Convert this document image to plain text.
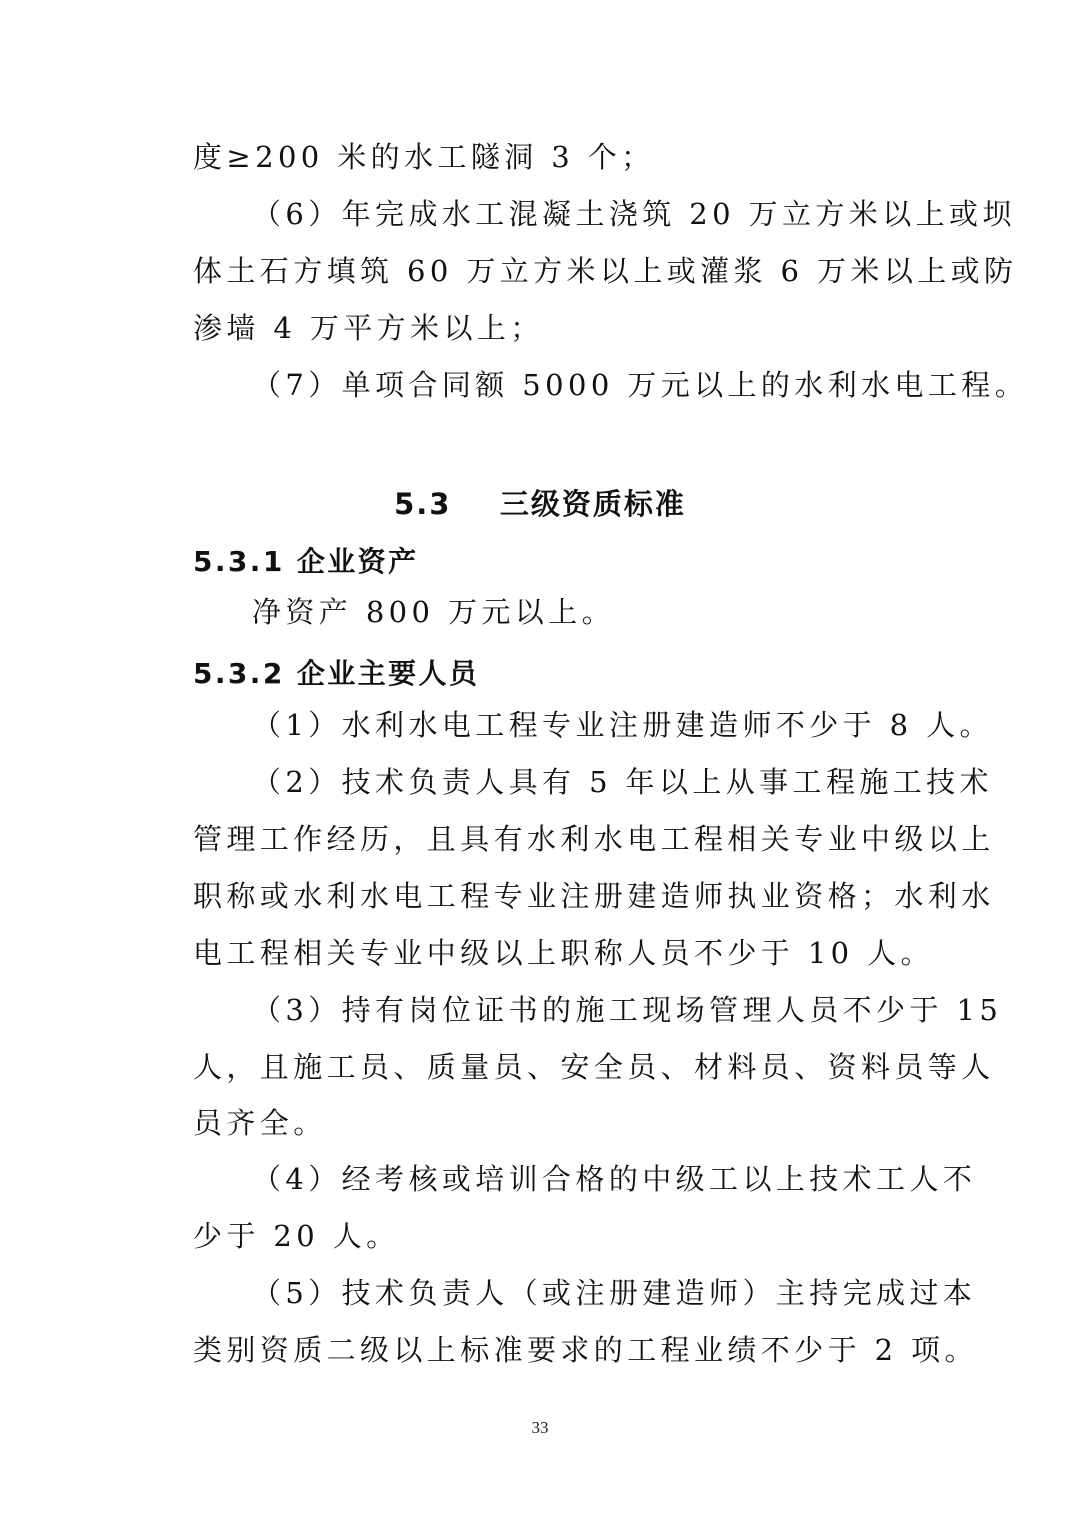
度≥200 米的水工隧洞 3 个；
（6）年完成水工混凝土浇筑 20 万立方米以上或坝
体土石方填筑 60 万立方米以上或灌浆 6 万米以上或防
渗墙 4 万平方米以上；
（7）单项合同额 5000 万元以上的水利水电工程。
5.3    三级资质标准
5.3.1 企业资产
净资产 800 万元以上。
5.3.2 企业主要人员
（1）水利水电工程专业注册建造师不少于 8 人。
（2）技术负责人具有 5 年以上从事工程施工技术
管理工作经历，且具有水利水电工程相关专业中级以上
职称或水利水电工程专业注册建造师执业资格；水利水
电工程相关专业中级以上职称人员不少于 10 人。
（3）持有岗位证书的施工现场管理人员不少于 15
人，且施工员、质量员、安全员、材料员、资料员等人
员齐全。
（4）经考核或培训合格的中级工以上技术工人不
少于 20 人。
（5）技术负责人（或注册建造师）主持完成过本
类别资质二级以上标准要求的工程业绩不少于 2 项。
33
